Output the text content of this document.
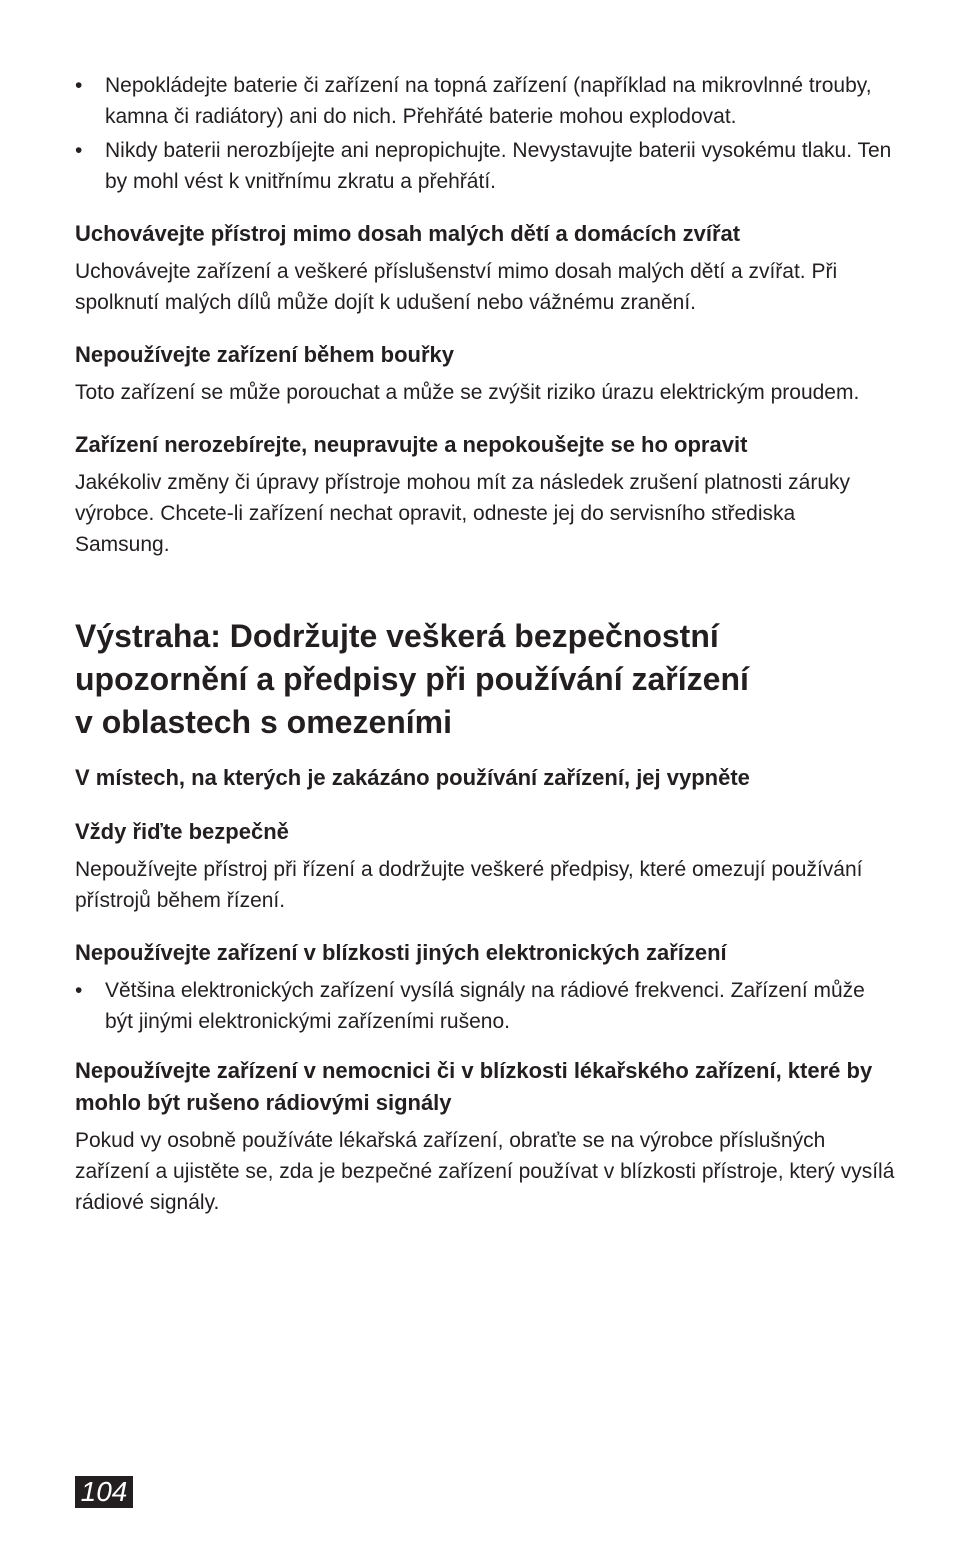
• Nepokládejte baterie či zařízení na topná zařízení (například na mikrovlnné trouby, kamna či radiátory) ani do nich. Přehřáté baterie mohou explodovat.
• Nikdy baterii nerozbíjejte ani nepropichujte. Nevystavujte baterii vysokému tlaku. Ten by mohl vést k vnitřnímu zkratu a přehřátí.
Uchovávejte přístroj mimo dosah malých dětí a domácích zvířat

Uchovávejte zařízení a veškeré příslušenství mimo dosah malých dětí a zvířat. Při spolknutí malých dílů může dojít k udušení nebo vážnému zranění.

Nepoužívejte zařízení během bouřky

Toto zařízení se může porouchat a může se zvýšit riziko úrazu elektrickým proudem.

Zařízení nerozebírejte, neupravujte a nepokoušejte se ho opravit

Jakékoliv změny či úpravy přístroje mohou mít za následek zrušení platnosti záruky výrobce. Chcete-li zařízení nechat opravit, odneste jej do servisního střediska Samsung.

Výstraha: Dodržujte veškerá bezpečnostní
upozornění a předpisy při používání zařízení
v oblastech s omezeními
V místech, na kterých je zakázáno používání zařízení, jej vypněte
Vždy řiďte bezpečně

Nepoužívejte přístroj při řízení a dodržujte veškeré předpisy, které omezují používání přístrojů během řízení.

Nepoužívejte zařízení v blízkosti jiných elektronických zařízení
• Většina elektronických zařízení vysílá signály na rádiové frekvenci. Zařízení může být jinými elektronickými zařízeními rušeno.
Nepoužívejte zařízení v nemocnici či v blízkosti lékařského zařízení, které by mohlo být rušeno rádiovými signály

Pokud vy osobně používáte lékařská zařízení, obraťte se na výrobce příslušných zařízení a ujistěte se, zda je bezpečné zařízení používat v blízkosti přístroje, který vysílá rádiové signály.

104
